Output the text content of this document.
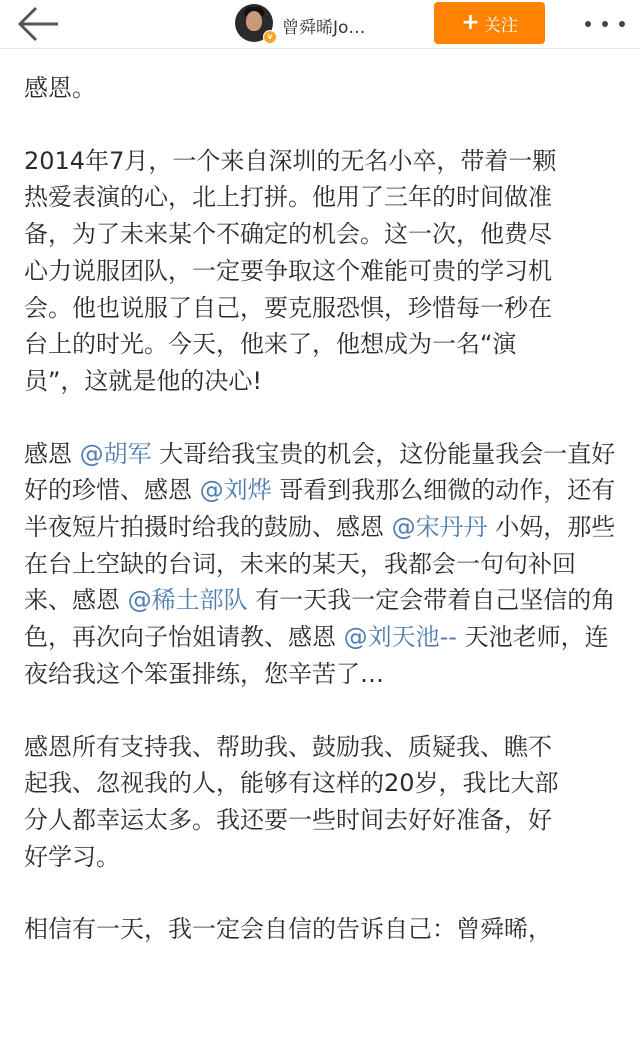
v 曾舜晞Jo…	+ 关注

感恩。

2014年7月，一个来自深圳的无名小卒，带着一颗
热爱表演的心，北上打拼。他用了三年的时间做准
备，为了未来某个不确定的机会。这一次，他费尽
心力说服团队，一定要争取这个难能可贵的学习机
会。他也说服了自己，要克服恐惧，珍惜每一秒在
台上的时光。今天，他来了，他想成为一名“演
员”，这就是他的决心!

感恩 @胡军 大哥给我宝贵的机会，这份能量我会一直好好的珍惜、感恩 @刘烨 哥看到我那么细微的动作，还有半夜短片拍摄时给我的鼓励、感恩 @宋丹丹 小妈，那些在台上空缺的台词，未来的某天，我都会一句句补回来、感恩 @稀土部队 有一天我一定会带着自己坚信的角色，再次向子怡姐请教、感恩 @刘天池-- 天池老师，连夜给我这个笨蛋排练，您辛苦了…

感恩所有支持我、帮助我、鼓励我、质疑我、瞧不
起我、忽视我的人，能够有这样的20岁，我比大部
分人都幸运太多。我还要一些时间去好好准备，好
好学习。

相信有一天，我一定会自信的告诉自己：曾舜晞，
